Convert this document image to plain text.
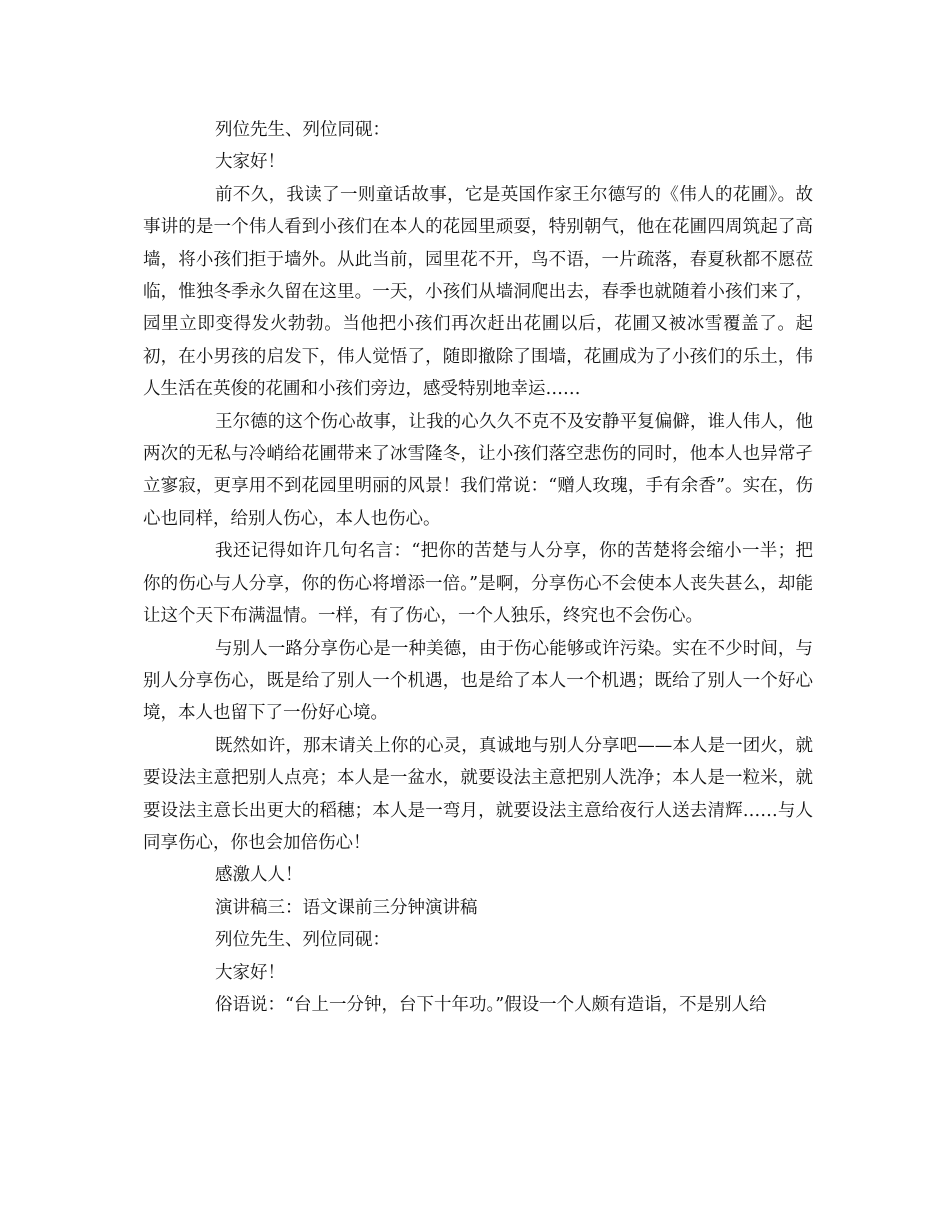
列位先生、列位同砚：

大家好！

前不久，我读了一则童话故事，它是英国作家王尔德写的《伟人的花圃》。故事讲的是一个伟人看到小孩们在本人的花园里顽耍，特别朝气，他在花圃四周筑起了高墙，将小孩们拒于墙外。从此当前，园里花不开，鸟不语，一片疏落，春夏秋都不愿莅临，惟独冬季永久留在这里。一天，小孩们从墙洞爬出去，春季也就随着小孩们来了，园里立即变得发火勃勃。当他把小孩们再次赶出花圃以后，花圃又被冰雪覆盖了。起初，在小男孩的启发下，伟人觉悟了，随即撤除了围墙，花圃成为了小孩们的乐土，伟人生活在英俊的花圃和小孩们旁边，感受特别地幸运……

王尔德的这个伤心故事，让我的心久久不克不及安静平复偏僻，谁人伟人，他两次的无私与冷峭给花圃带来了冰雪隆冬，让小孩们落空悲伤的同时，他本人也异常孑立寥寂，更享用不到花园里明丽的风景！我们常说：“赠人玫瑰，手有余香”。实在，伤心也同样，给别人伤心，本人也伤心。

我还记得如许几句名言：“把你的苦楚与人分享，你的苦楚将会缩小一半；把你的伤心与人分享，你的伤心将增添一倍。”是啊，分享伤心不会使本人丧失甚么，却能让这个天下布满温情。一样，有了伤心，一个人独乐，终究也不会伤心。

与别人一路分享伤心是一种美德，由于伤心能够或许污染。实在不少时间，与别人分享伤心，既是给了别人一个机遇，也是给了本人一个机遇；既给了别人一个好心境，本人也留下了一份好心境。

既然如许，那末请关上你的心灵，真诚地与别人分享吧——本人是一团火，就要设法主意把别人点亮；本人是一盆水，就要设法主意把别人洗净；本人是一粒米，就要设法主意长出更大的稻穗；本人是一弯月，就要设法主意给夜行人送去清辉……与人同享伤心，你也会加倍伤心！

感激人人！

演讲稿三：语文课前三分钟演讲稿

列位先生、列位同砚：

大家好！

俗语说：“台上一分钟，台下十年功。”假设一个人颇有造诣，不是别人给
